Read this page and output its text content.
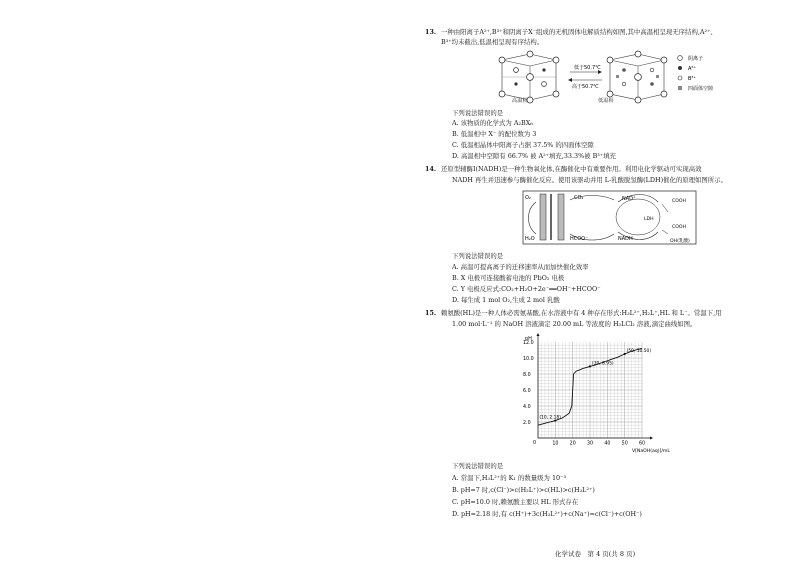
13. 一种由阳离子A²⁺,B³⁺和阴离子X⁻组成的无机固体电解质结构如图,其中高温相呈现无序结构,A²⁺、
B³⁺均未截出,低温相呈现有序结构。
低于50.7℃
高于50.7℃
阴离子
A²⁺
B³⁺
四面体空隙
高温相	低温相
下列说法错误的是
A. 该物质的化学式为 A₂BX₆
B. 低温相中 X⁻ 的配位数为 3
C. 低温相晶体中阳离子占据 37.5% 的四面体空隙
D. 高温相中空隙有 66.7% 被 A²⁺填充,33.3%被 B³⁺填充
14. 还原型辅酶Ⅰ(NADH)是一种生物氧化体,在酶催化中有重要作用。利用电化学驱动可实现高效
NADH 再生并迅速参与酶催化反应。使用该驱动并用 L-乳酸脱氢酶(LDH)催化的原理如图所示。
O₂
H₂O
CO₂
HCOO⁻
NAD⁺
NADH
LDH
COOH
COOH
OH(乳酸)
下列说法错误的是
A. 高温可提高离子的迁移速率从而加快催化效率
B. X 电极可连接酸蓄电池的 PbO₂ 电极
C. Y 电极反应式:CO₂+H₂O+2e⁻══OH⁻+HCOO⁻
D. 每生成 1 mol O₂,生成 2 mol 乳酸
15. 赖氨酸(HL)是一种人体必需氨基酸,在水溶液中有 4 种存在形式:H₃L²⁺,H₂L⁺,HL 和 L⁻。常温下,用
1.00 mol·L⁻¹ 的 NaOH 溶液滴定 20.00 mL 等浓度的 H₃LCl₂ 溶液,滴定曲线如图。
pH
V[NaOH(aq)]/mL
0	10 20 30 40 50 60
2.0
4.0
6.0
8.0
10.0
12.0
(10, 2.18)
(30, 8.95)
(50, 10.50)
下列说法错误的是
A. 常温下,H₃L²⁺的 K₁ 的数量级为 10⁻³
B. pH=7 时,c(Cl⁻)>c(H₂L⁺)>c(HL)>c(H₃L²⁺)
C. pH=10.0 时,赖氨酸主要以 HL 形式存在
D. pH=2.18 时,有 c(H⁺)+3c(H₃L²⁺)+c(Na⁺)=c(Cl⁻)+c(OH⁻)
化学试卷　第 4 页(共 8 页)
